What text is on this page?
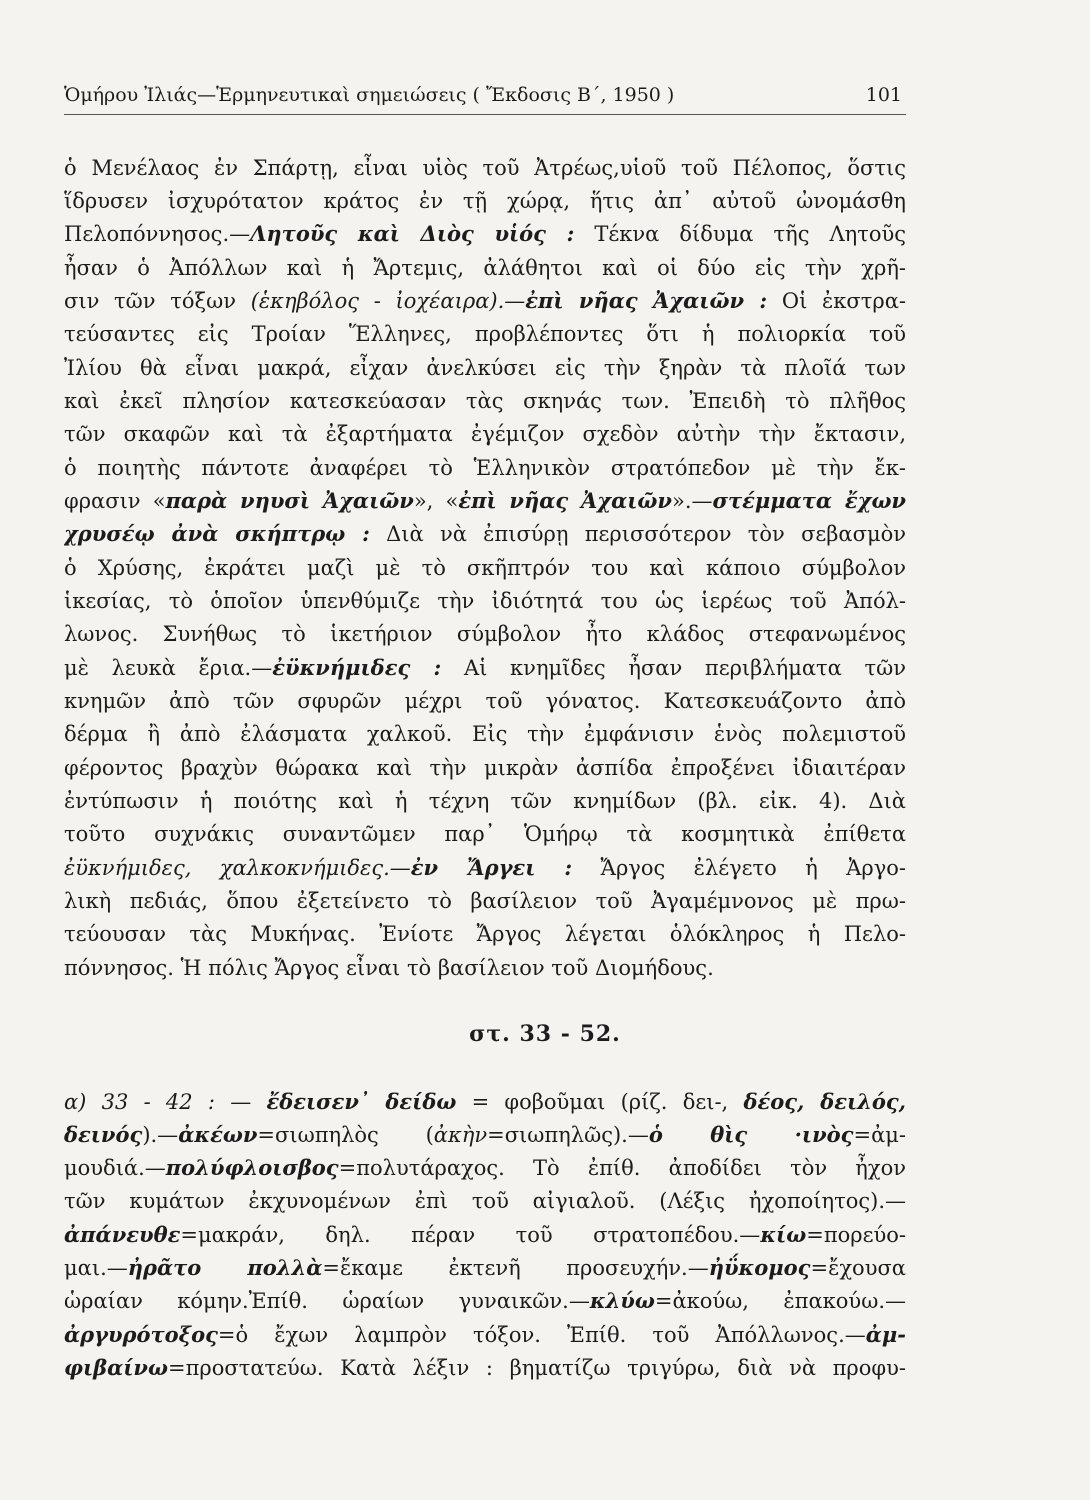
Ὁμήρου Ἰλιάς—Ἑρμηνευτικαὶ σημειώσεις ( Ἔκδοσις Β΄, 1950 )	101
ὁ Μενέλαος ἐν Σπάρτῃ, εἶναι υἱὸς τοῦ Ἀτρέως,υἱοῦ τοῦ Πέλοπος, ὅστις
ἵδρυσεν ἰσχυρότατον κράτος ἐν τῇ χώρᾳ, ἥτις ἀπ᾿ αὐτοῦ ὠνομάσθη
Πελοπόννησος.—Λητοῦς καὶ Διὸς υἱός : Τέκνα δίδυμα τῆς Λητοῦς
ἦσαν ὁ Ἀπόλλων καὶ ἡ Ἄρτεμις, ἀλάθητοι καὶ οἱ δύο εἰς τὴν χρῆ-
σιν τῶν τόξων (ἑκηβόλος - ἰοχέαιρα).—ἐπὶ νῆας Ἀχαιῶν : Οἱ ἐκστρα-
τεύσαντες εἰς Τροίαν Ἕλληνες, προβλέποντες ὅτι ἡ πολιορκία τοῦ
Ἰλίου θὰ εἶναι μακρά, εἶχαν ἀνελκύσει εἰς τὴν ξηρὰν τὰ πλοῖά των
καὶ ἐκεῖ πλησίον κατεσκεύασαν τὰς σκηνάς των. Ἐπειδὴ τὸ πλῆθος
τῶν σκαφῶν καὶ τὰ ἐξαρτήματα ἐγέμιζον σχεδὸν αὐτὴν τὴν ἔκτασιν,
ὁ ποιητὴς πάντοτε ἀναφέρει τὸ Ἑλληνικὸν στρατόπεδον μὲ τὴν ἔκ-
φρασιν «παρὰ νηυσὶ Ἀχαιῶν», «ἐπὶ νῆας Ἀχαιῶν».—στέμματα ἔχων
χρυσέῳ ἀνὰ σκήπτρῳ : Διὰ νὰ ἐπισύρῃ περισσότερον τὸν σεβασμὸν
ὁ Χρύσης, ἐκράτει μαζὶ μὲ τὸ σκῆπτρόν του καὶ κάποιο σύμβολον
ἱκεσίας, τὸ ὁποῖον ὑπενθύμιζε τὴν ἰδιότητά του ὡς ἱερέως τοῦ Ἀπόλ-
λωνος. Συνήθως τὸ ἱκετήριον σύμβολον ἦτο κλάδος στεφανωμένος
μὲ λευκὰ ἔρια.—ἐϋκνήμιδες : Αἱ κνημῖδες ἦσαν περιβλήματα τῶν
κνημῶν ἀπὸ τῶν σφυρῶν μέχρι τοῦ γόνατος. Κατεσκευάζοντο ἀπὸ
δέρμα ἢ ἀπὸ ἐλάσματα χαλκοῦ. Εἰς τὴν ἐμφάνισιν ἑνὸς πολεμιστοῦ
φέροντος βραχὺν θώρακα καὶ τὴν μικρὰν ἀσπίδα ἐπροξένει ἰδιαιτέραν
ἐντύπωσιν ἡ ποιότης καὶ ἡ τέχνη τῶν κνημίδων (βλ. εἰκ. 4). Διὰ
τοῦτο συχνάκις συναντῶμεν παρ᾿ Ὁμήρῳ τὰ κοσμητικὰ ἐπίθετα
ἐϋκνήμιδες, χαλκοκνήμιδες.—ἐν Ἄργει : Ἄργος ἐλέγετο ἡ Ἀργο-
λικὴ πεδιάς, ὅπου ἐξετείνετο τὸ βασίλειον τοῦ Ἀγαμέμνονος μὲ πρω-
τεύουσαν τὰς Μυκήνας. Ἐνίοτε Ἄργος λέγεται ὁλόκληρος ἡ Πελο-
πόννησος. Ἡ πόλις Ἄργος εἶναι τὸ βασίλειον τοῦ Διομήδους.
στ. 33 - 52.
α) 33 - 42 : — ἔδεισεν᾿ δείδω = φοβοῦμαι (ρίζ. δει-, δέος, δειλός,
δεινός).—ἀκέων=σιωπηλὸς (ἀκὴν=σιωπηλῶς).—ὁ θὶς ·ινὸς=ἀμ-
μουδιά.—πολύφλοισβος=πολυτάραχος. Τὸ ἐπίθ. ἀποδίδει τὸν ἦχον
τῶν κυμάτων ἐκχυνομένων ἐπὶ τοῦ αἰγιαλοῦ. (Λέξις ἠχοποίητος).—
ἀπάνευθε=μακράν, δηλ. πέραν τοῦ στρατοπέδου.—κίω=πορεύο-
μαι.—ἠρᾶτο πολλὰ=ἔκαμε ἐκτενῆ προσευχήν.—ἠΰκομος=ἔχουσα
ὡραίαν κόμην.Ἐπίθ. ὡραίων γυναικῶν.—κλύω=ἀκούω, ἐπακούω.—
ἀργυρότοξος=ὁ ἔχων λαμπρὸν τόξον. Ἐπίθ. τοῦ Ἀπόλλωνος.—ἀμ-
φιβαίνω=προστατεύω. Κατὰ λέξιν : βηματίζω τριγύρω, διὰ νὰ προφυ-
